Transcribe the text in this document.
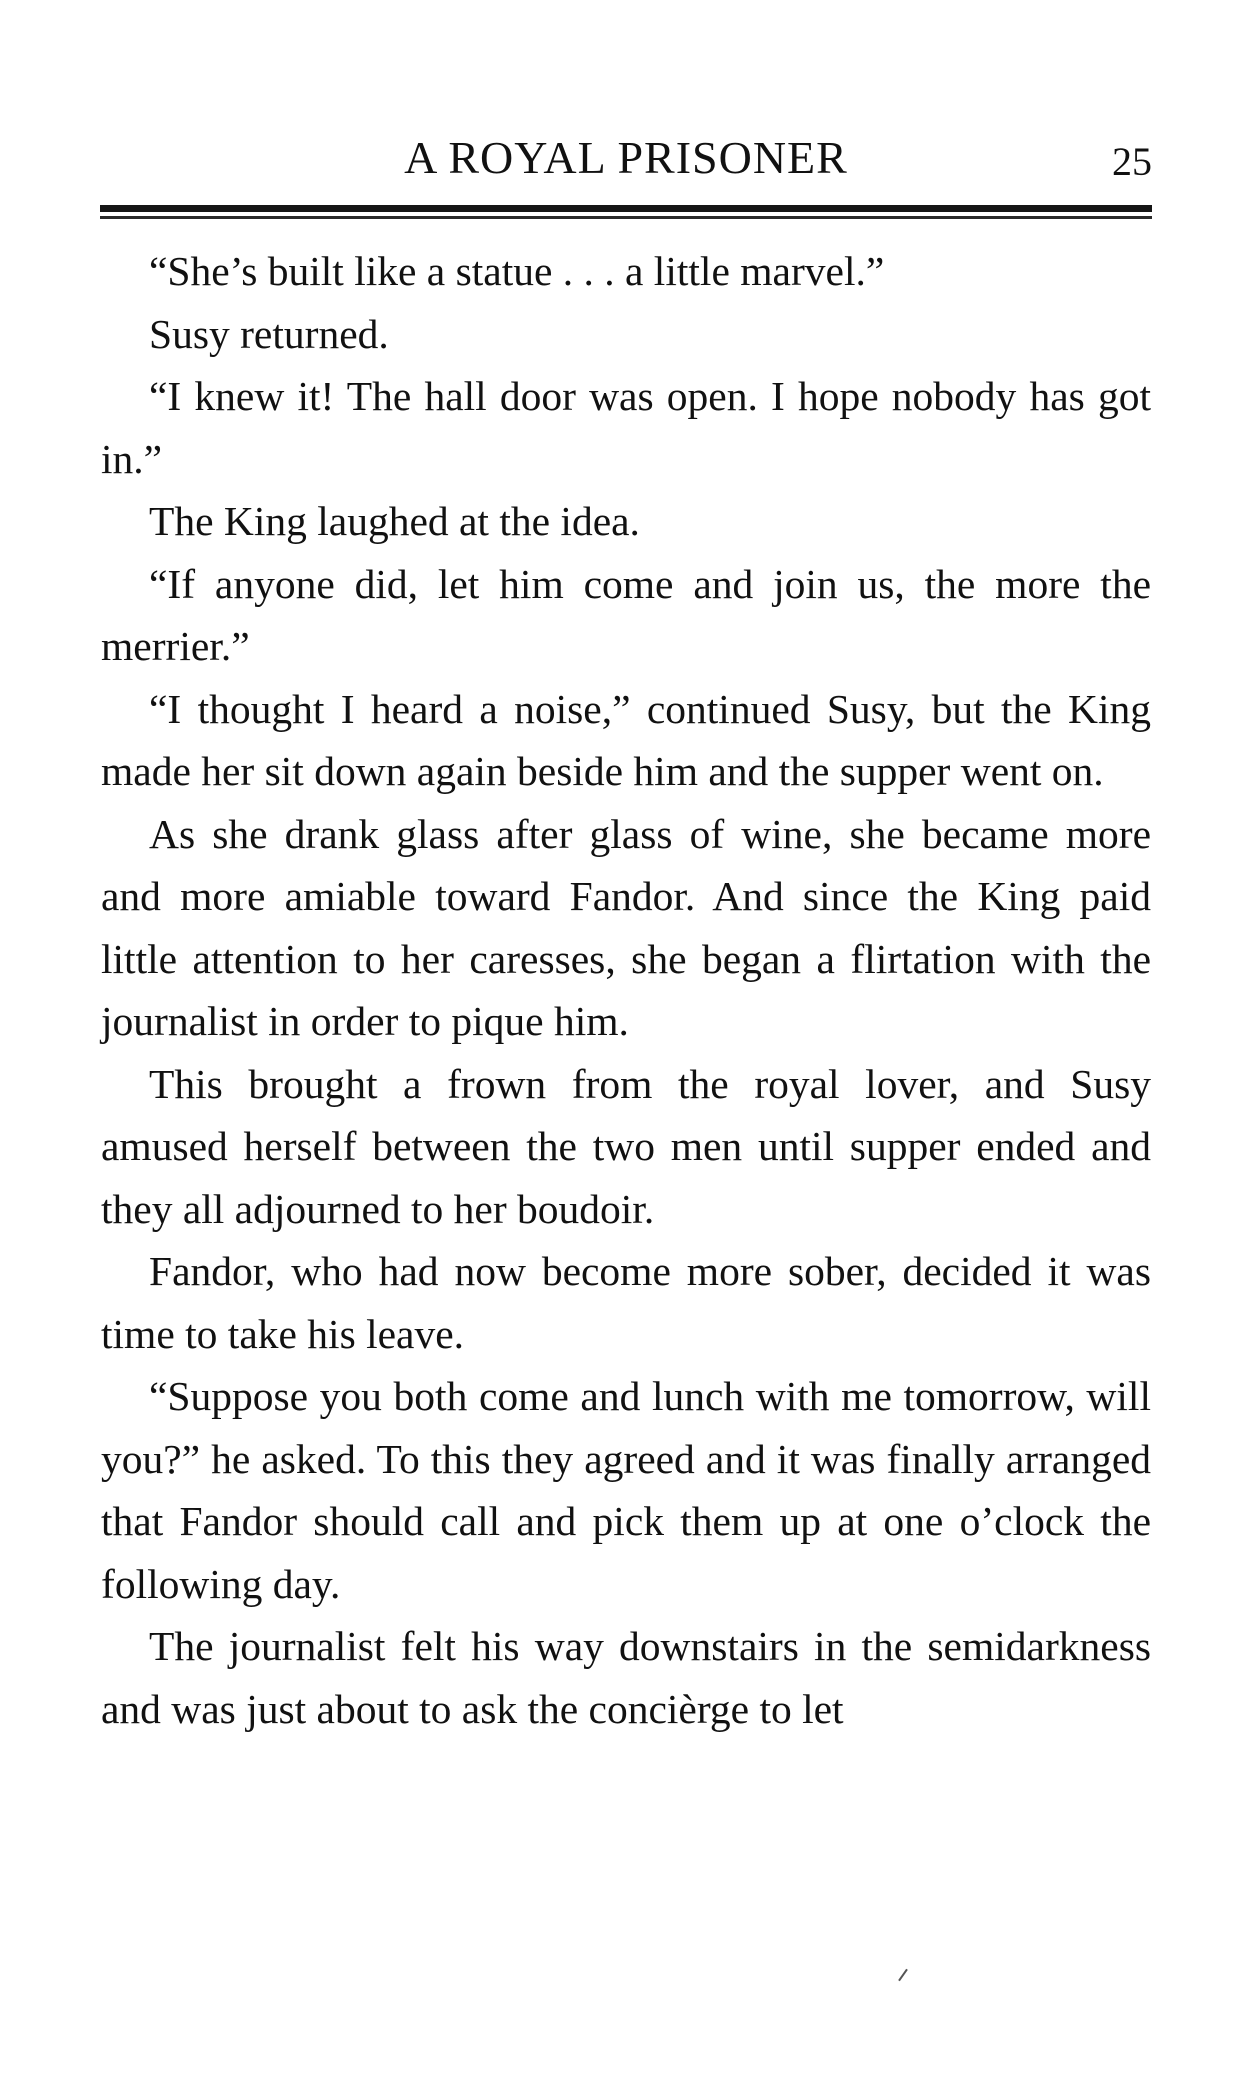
A ROYAL PRISONER	25

“She’s built like a statue . . . a little marvel.”

Susy returned.

“I knew it! The hall door was open. I hope nobody has got in.”

The King laughed at the idea.

“If anyone did, let him come and join us, the more the merrier.”

“I thought I heard a noise,” continued Susy, but the King made her sit down again beside him and the supper went on.

As she drank glass after glass of wine, she became more and more amiable toward Fandor. And since the King paid little attention to her caresses, she began a flirtation with the journalist in order to pique him.

This brought a frown from the royal lover, and Susy amused herself between the two men until supper ended and they all adjourned to her boudoir.

Fandor, who had now become more sober, decided it was time to take his leave.

“Suppose you both come and lunch with me tomorrow, will you?” he asked. To this they agreed and it was finally arranged that Fandor should call and pick them up at one o’clock the following day.

The journalist felt his way downstairs in the semidarkness and was just about to ask the concièrge to let
